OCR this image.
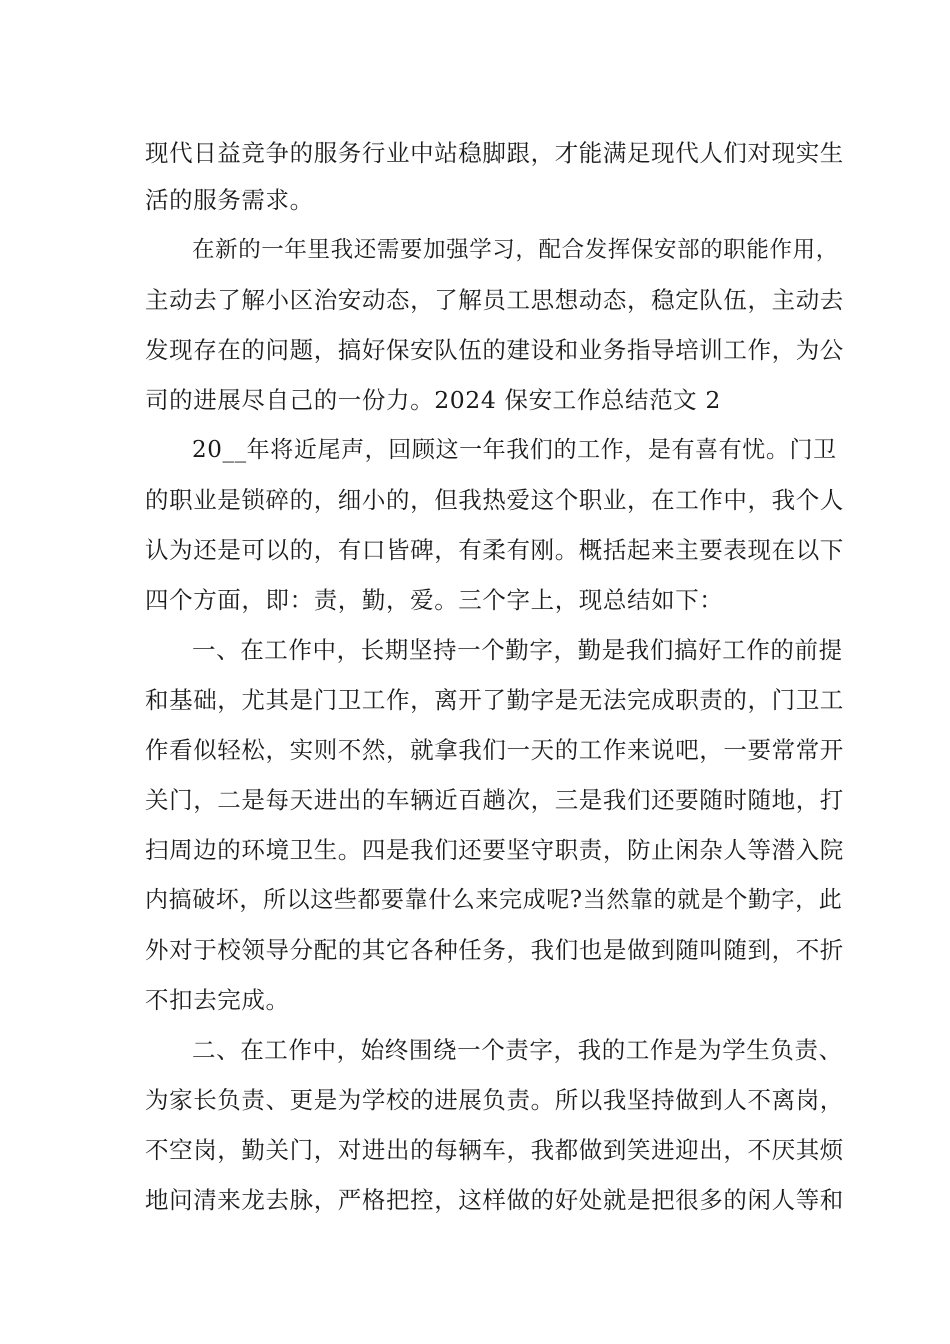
现代日益竞争的服务行业中站稳脚跟，才能满足现代人们对现实生
活的服务需求。
在新的一年里我还需要加强学习，配合发挥保安部的职能作用，
主动去了解小区治安动态，了解员工思想动态，稳定队伍，主动去
发现存在的问题，搞好保安队伍的建设和业务指导培训工作，为公
司的进展尽自己的一份力。2024 保安工作总结范文 2
20__年将近尾声，回顾这一年我们的工作，是有喜有忧。门卫
的职业是锁碎的，细小的，但我热爱这个职业，在工作中，我个人
认为还是可以的，有口皆碑，有柔有刚。概括起来主要表现在以下
四个方面，即：责，勤，爱。三个字上，现总结如下：
一、在工作中，长期坚持一个勤字，勤是我们搞好工作的前提
和基础，尤其是门卫工作，离开了勤字是无法完成职责的，门卫工
作看似轻松，实则不然，就拿我们一天的工作来说吧，一要常常开
关门，二是每天进出的车辆近百趟次，三是我们还要随时随地，打
扫周边的环境卫生。四是我们还要坚守职责，防止闲杂人等潜入院
内搞破坏，所以这些都要靠什么来完成呢?当然靠的就是个勤字，此
外对于校领导分配的其它各种任务，我们也是做到随叫随到，不折
不扣去完成。
二、在工作中，始终围绕一个责字，我的工作是为学生负责、
为家长负责、更是为学校的进展负责。所以我坚持做到人不离岗，
不空岗，勤关门，对进出的每辆车，我都做到笑进迎出，不厌其烦
地问清来龙去脉，严格把控，这样做的好处就是把很多的闲人等和
